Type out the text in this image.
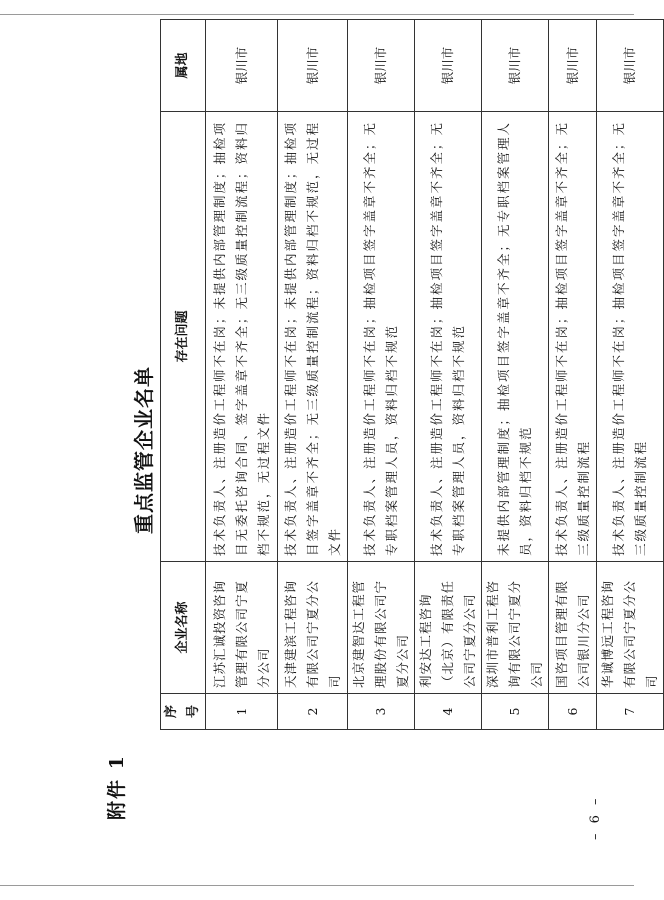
附件 1
重点监管企业名单
序号	企业名称	存在问题	属地
1	江苏汇诚投资咨询管理有限公司宁夏分公司	技术负责人、注册造价工程师不在岗；未提供内部管理制度；抽检项目无委托咨询合同、签字盖章不齐全；无三级质量控制流程；资料归档不规范，无过程文件	银川市
2	天津建滨工程咨询有限公司宁夏分公司	技术负责人、注册造价工程师不在岗；未提供内部管理制度；抽检项目签字盖章不齐全；无三级质量控制流程；资料归档不规范，无过程文件	银川市
3	北京建智达工程管理股份有限公司宁夏分公司	技术负责人、注册造价工程师不在岗；抽检项目签字盖章不齐全；无专职档案管理人员，资料归档不规范	银川市
4	利安达工程咨询（北京）有限责任公司宁夏分公司	技术负责人、注册造价工程师不在岗；抽检项目签字盖章不齐全；无专职档案管理人员，资料归档不规范	银川市
5	深圳市普利工程咨询有限公司宁夏分公司	未提供内部管理制度；抽检项目签字盖章不齐全；无专职档案管理人员，资料归档不规范	银川市
6	国咨项目管理有限公司银川分公司	技术负责人、注册造价工程师不在岗；抽检项目签字盖章不齐全；无三级质量控制流程	银川市
7	华诚博远工程咨询有限公司宁夏分公司	技术负责人、注册造价工程师不在岗；抽检项目签字盖章不齐全；无三级质量控制流程	银川市
– 6 –
